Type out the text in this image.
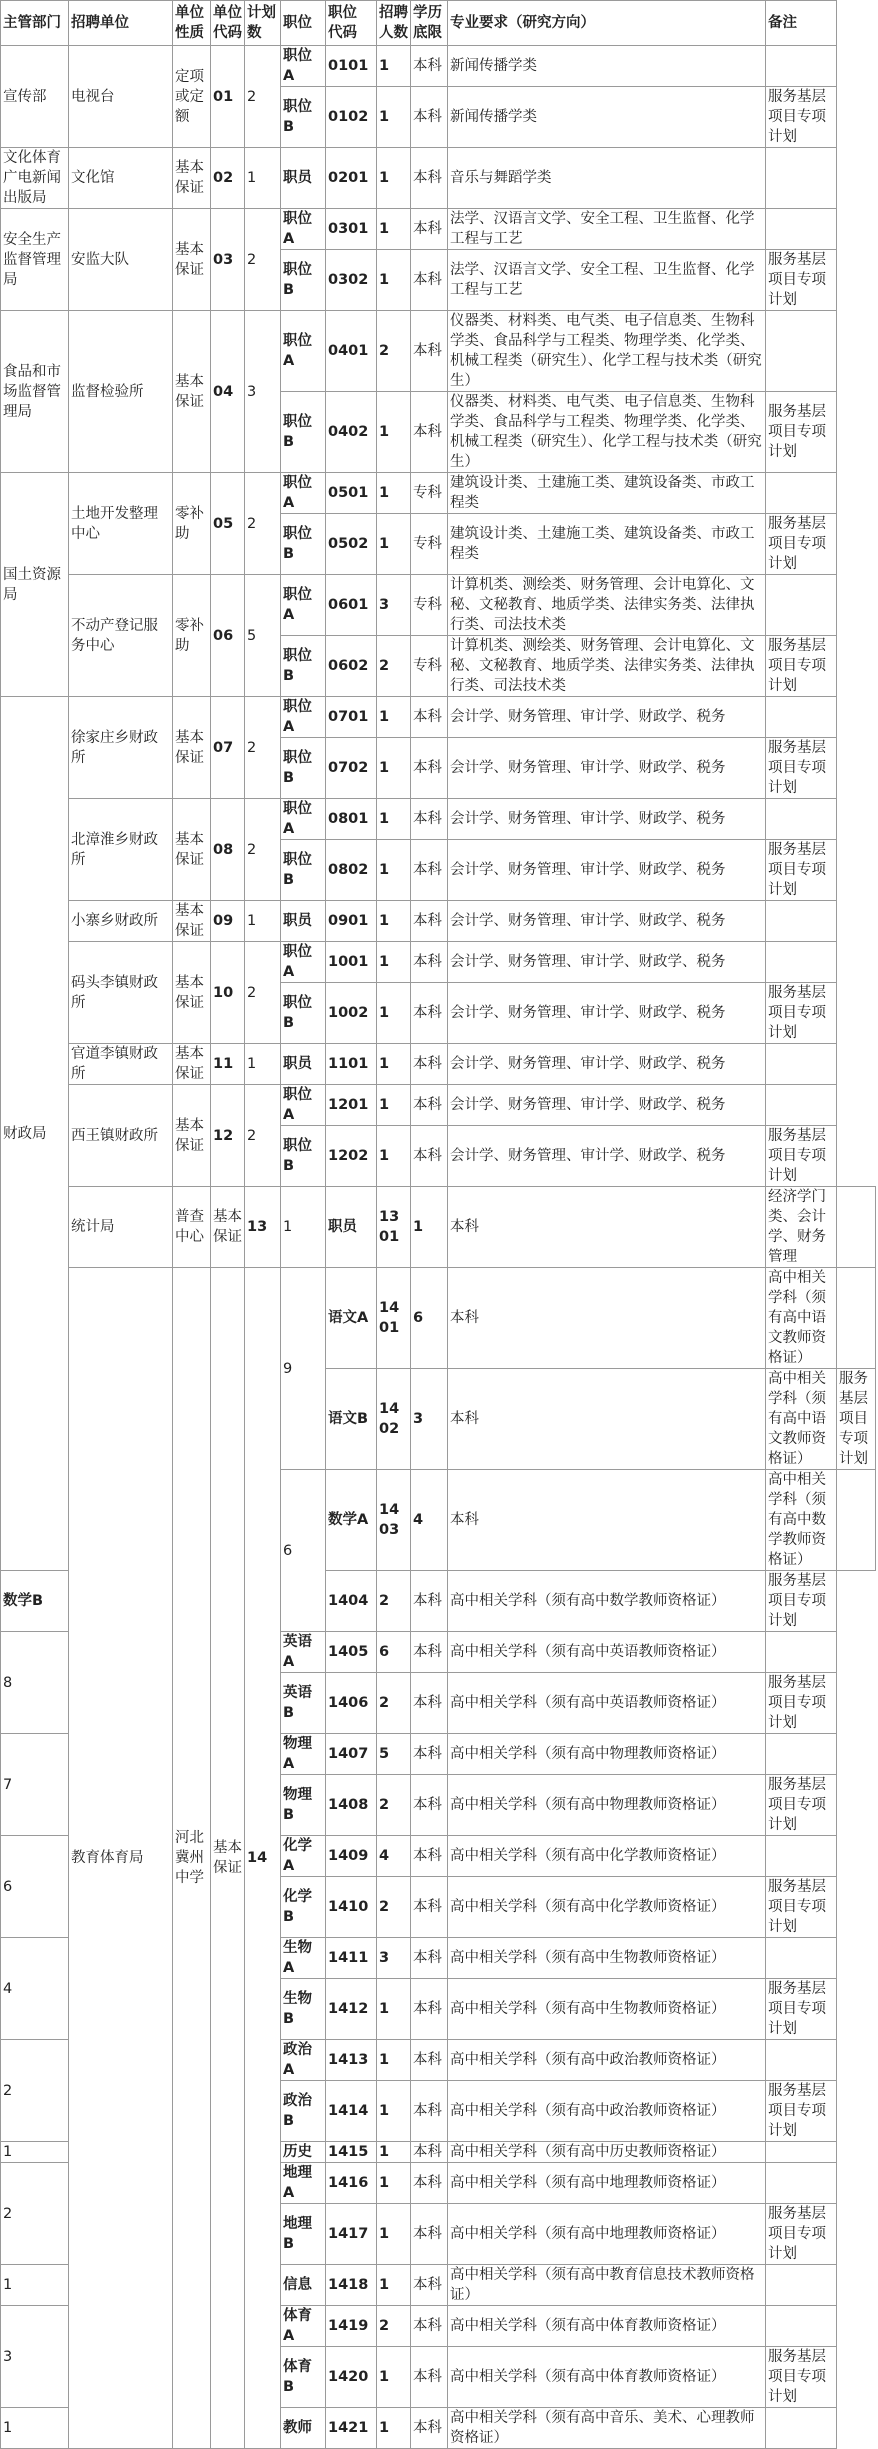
主管部门	招聘单位	单位性质	单位代码	计划数	职位	职位 代码	招聘人数	学历底限	专业要求（研究方向）	备注	
宣传部	电视台	定项或定额	01	2	职位A	0101	1	本科	新闻传播学类		
					职位B	0102	1	本科	新闻传播学类	服务基层项目专项计划	
文化体育广电新闻出版局	文化馆	基本保证	02	1	职员	0201	1	本科	音乐与舞蹈学类		
安全生产监督管理局	安监大队	基本保证	03	2	职位A	0301	1	本科	法学、汉语言文学、安全工程、卫生监督、化学工程与工艺		
					职位B	0302	1	本科	法学、汉语言文学、安全工程、卫生监督、化学工程与工艺	服务基层项目专项计划	
食品和市场监督管理局	监督检验所	基本保证	04	3	职位A	0401	2	本科	仪器类、材料类、电气类、电子信息类、生物科学类、食品科学与工程类、物理学类、化学类、机械工程类（研究生）、化学工程与技术类（研究生）		
					职位B	0402	1	本科	仪器类、材料类、电气类、电子信息类、生物科学类、食品科学与工程类、物理学类、化学类、机械工程类（研究生）、化学工程与技术类（研究生）	服务基层项目专项计划	
国土资源局	土地开发整理中心	零补助	05	2	职位A	0501	1	专科	建筑设计类、土建施工类、建筑设备类、市政工程类		
					职位B	0502	1	专科	建筑设计类、土建施工类、建筑设备类、市政工程类	服务基层项目专项计划	
	不动产登记服务中心	零补助	06	5	职位A	0601	3	专科	计算机类、测绘类、财务管理、会计电算化、文秘、文秘教育、地质学类、法律实务类、法律执行类、司法技术类		
					职位B	0602	2	专科	计算机类、测绘类、财务管理、会计电算化、文秘、文秘教育、地质学类、法律实务类、法律执行类、司法技术类	服务基层项目专项计划	
财政局	徐家庄乡财政所	基本保证	07	2	职位A	0701	1	本科	会计学、财务管理、审计学、财政学、税务		
					职位B	0702	1	本科	会计学、财务管理、审计学、财政学、税务	服务基层项目专项计划	
	北漳淮乡财政所	基本保证	08	2	职位A	0801	1	本科	会计学、财务管理、审计学、财政学、税务		
					职位B	0802	1	本科	会计学、财务管理、审计学、财政学、税务	服务基层项目专项计划	
	小寨乡财政所	基本保证	09	1	职员	0901	1	本科	会计学、财务管理、审计学、财政学、税务		
	码头李镇财政所	基本保证	10	2	职位A	1001	1	本科	会计学、财务管理、审计学、财政学、税务		
					职位B	1002	1	本科	会计学、财务管理、审计学、财政学、税务	服务基层项目专项计划	
	官道李镇财政所	基本保证	11	1	职员	1101	1	本科	会计学、财务管理、审计学、财政学、税务		
	西王镇财政所	基本保证	12	2	职位A	1201	1	本科	会计学、财务管理、审计学、财政学、税务		
					职位B	1202	1	本科	会计学、财务管理、审计学、财政学、税务	服务基层项目专项计划	
	统计局	普查中心	基本保证	13	1	职员	1301	1	本科	经济学门类、会计学、财务管理	
	教育体育局	河北冀州中学	基本保证	14	9	语文A	1401	6	本科	高中相关学科（须有高中语文教师资格证）	
						语文B	1402	3	本科	高中相关学科（须有高中语文教师资格证）	服务基层项目专项计划
					6	数学A	1403	4	本科	高中相关学科（须有高中数学教师资格证）	
数学B						1404	2	本科	高中相关学科（须有高中数学教师资格证）	服务基层项目专项计划	
8					英语A	1405	6	本科	高中相关学科（须有高中英语教师资格证）		
					英语B	1406	2	本科	高中相关学科（须有高中英语教师资格证）	服务基层项目专项计划	
7					物理A	1407	5	本科	高中相关学科（须有高中物理教师资格证）		
					物理B	1408	2	本科	高中相关学科（须有高中物理教师资格证）	服务基层项目专项计划	
6					化学A	1409	4	本科	高中相关学科（须有高中化学教师资格证）		
					化学B	1410	2	本科	高中相关学科（须有高中化学教师资格证）	服务基层项目专项计划	
4					生物A	1411	3	本科	高中相关学科（须有高中生物教师资格证）		
					生物B	1412	1	本科	高中相关学科（须有高中生物教师资格证）	服务基层项目专项计划	
2					政治A	1413	1	本科	高中相关学科（须有高中政治教师资格证）		
					政治B	1414	1	本科	高中相关学科（须有高中政治教师资格证）	服务基层项目专项计划	
1					历史	1415	1	本科	高中相关学科（须有高中历史教师资格证）		
2					地理A	1416	1	本科	高中相关学科（须有高中地理教师资格证）		
					地理B	1417	1	本科	高中相关学科（须有高中地理教师资格证）	服务基层项目专项计划	
1					信息	1418	1	本科	高中相关学科（须有高中教育信息技术教师资格证）		
3					体育A	1419	2	本科	高中相关学科（须有高中体育教师资格证）		
					体育B	1420	1	本科	高中相关学科（须有高中体育教师资格证）	服务基层项目专项计划	
1					教师	1421	1	本科	高中相关学科（须有高中音乐、美术、心理教师资格证）		
